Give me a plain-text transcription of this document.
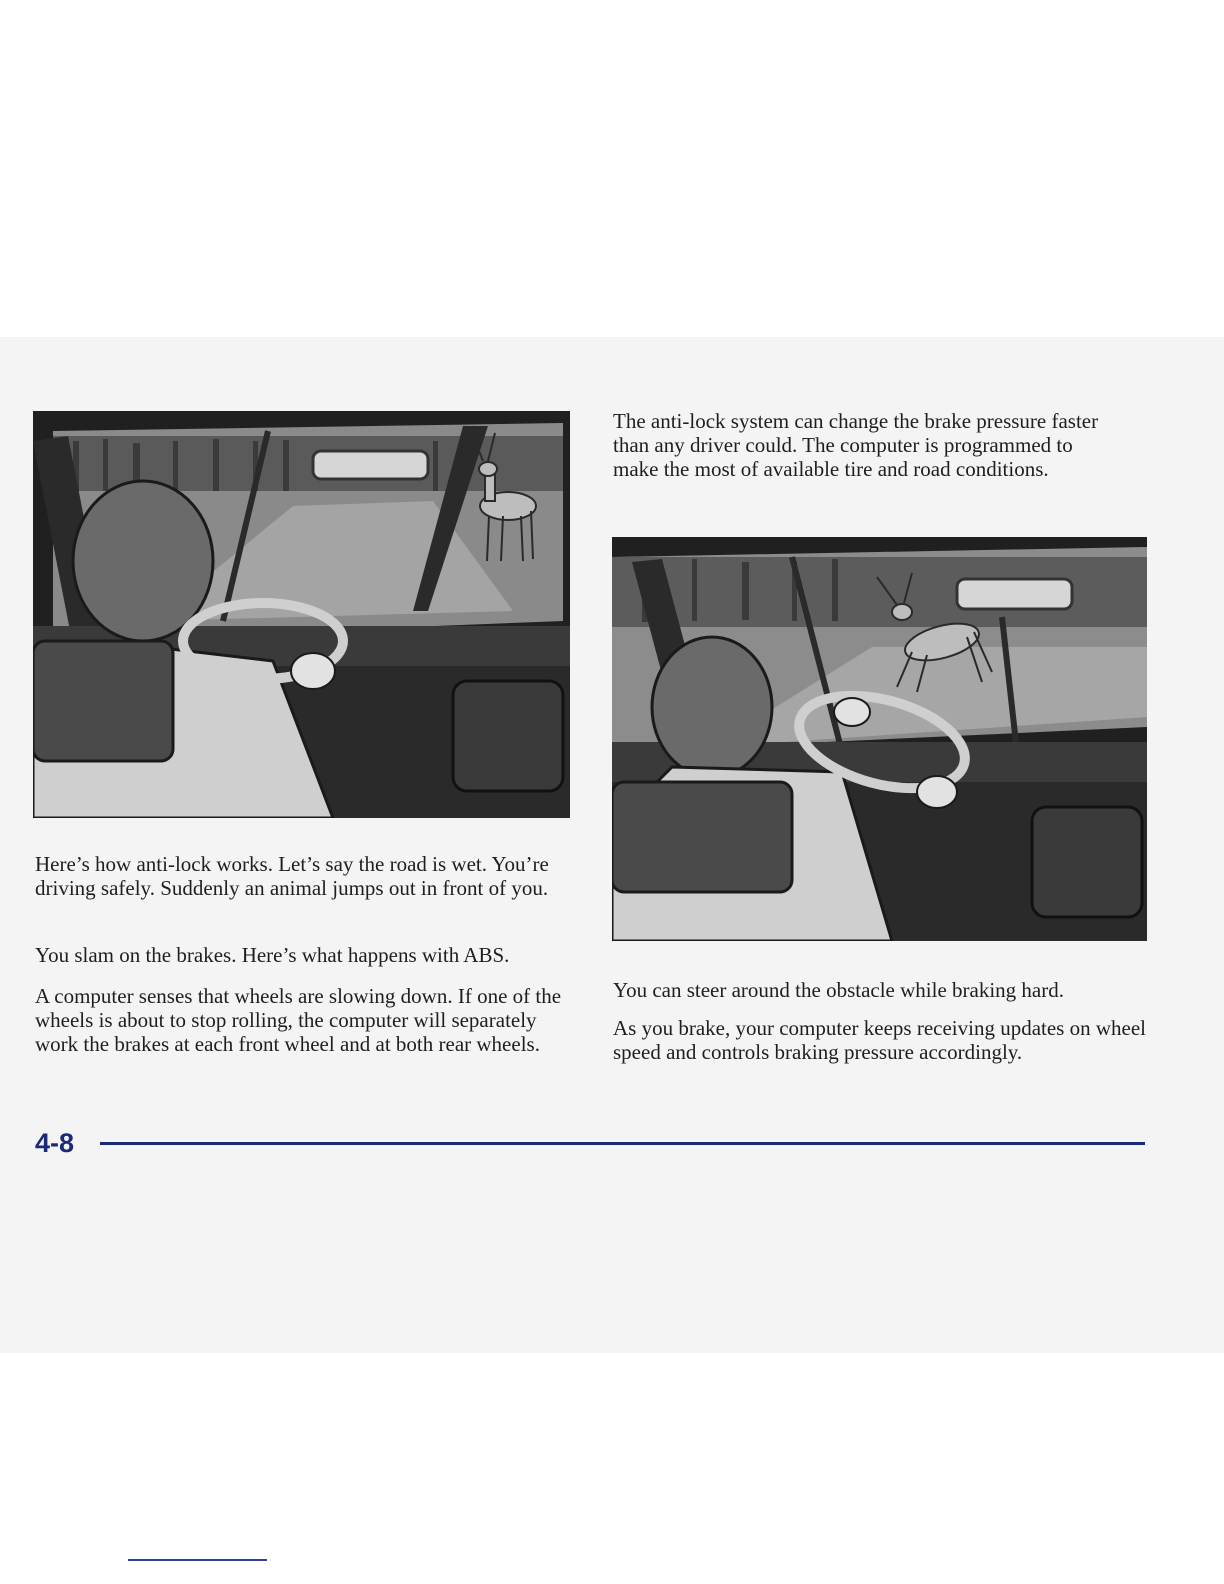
The anti-lock system can change the brake pressure faster than any driver could. The computer is programmed to make the most of available tire and road conditions.

Here’s how anti-lock works. Let’s say the road is wet. You’re driving safely. Suddenly an animal jumps out in front of you.

You slam on the brakes. Here’s what happens with ABS.

A computer senses that wheels are slowing down. If one of the wheels is about to stop rolling, the computer will separately work the brakes at each front wheel and at both rear wheels.

You can steer around the obstacle while braking hard.

As you brake, your computer keeps receiving updates on wheel speed and controls braking pressure accordingly.

4-8
